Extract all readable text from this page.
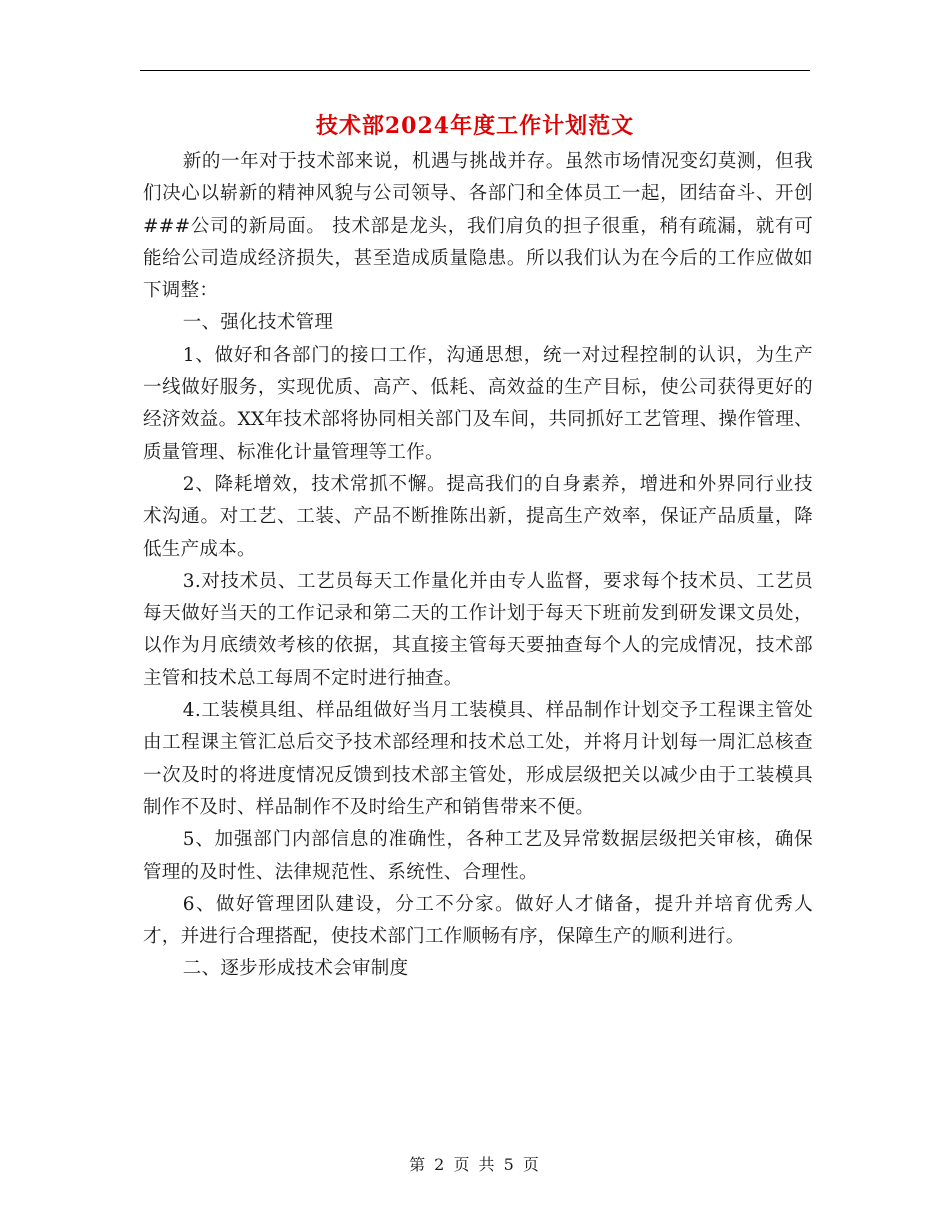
技术部2024年度工作计划范文

新的一年对于技术部来说，机遇与挑战并存。虽然市场情况变幻莫测，但我们决心以崭新的精神风貌与公司领导、各部门和全体员工一起，团结奋斗、开创###公司的新局面。 技术部是龙头，我们肩负的担子很重，稍有疏漏，就有可能给公司造成经济损失，甚至造成质量隐患。所以我们认为在今后的工作应做如下调整：

一、强化技术管理

1、做好和各部门的接口工作，沟通思想，统一对过程控制的认识，为生产一线做好服务，实现优质、高产、低耗、高效益的生产目标，使公司获得更好的经济效益。XX年技术部将协同相关部门及车间，共同抓好工艺管理、操作管理、质量管理、标准化计量管理等工作。

2、降耗增效，技术常抓不懈。提高我们的自身素养，增进和外界同行业技术沟通。对工艺、工装、产品不断推陈出新，提高生产效率，保证产品质量，降低生产成本。

3.对技术员、工艺员每天工作量化并由专人监督，要求每个技术员、工艺员每天做好当天的工作记录和第二天的工作计划于每天下班前发到研发课文员处，以作为月底绩效考核的依据，其直接主管每天要抽查每个人的完成情况，技术部主管和技术总工每周不定时进行抽查。

4.工装模具组、样品组做好当月工装模具、样品制作计划交予工程课主管处由工程课主管汇总后交予技术部经理和技术总工处，并将月计划每一周汇总核查一次及时的将进度情况反馈到技术部主管处，形成层级把关以减少由于工装模具制作不及时、样品制作不及时给生产和销售带来不便。

5、加强部门内部信息的准确性，各种工艺及异常数据层级把关审核，确保管理的及时性、法律规范性、系统性、合理性。

6、做好管理团队建设，分工不分家。做好人才储备，提升并培育优秀人才，并进行合理搭配，使技术部门工作顺畅有序，保障生产的顺利进行。

二、逐步形成技术会审制度

第 2 页 共 5 页
